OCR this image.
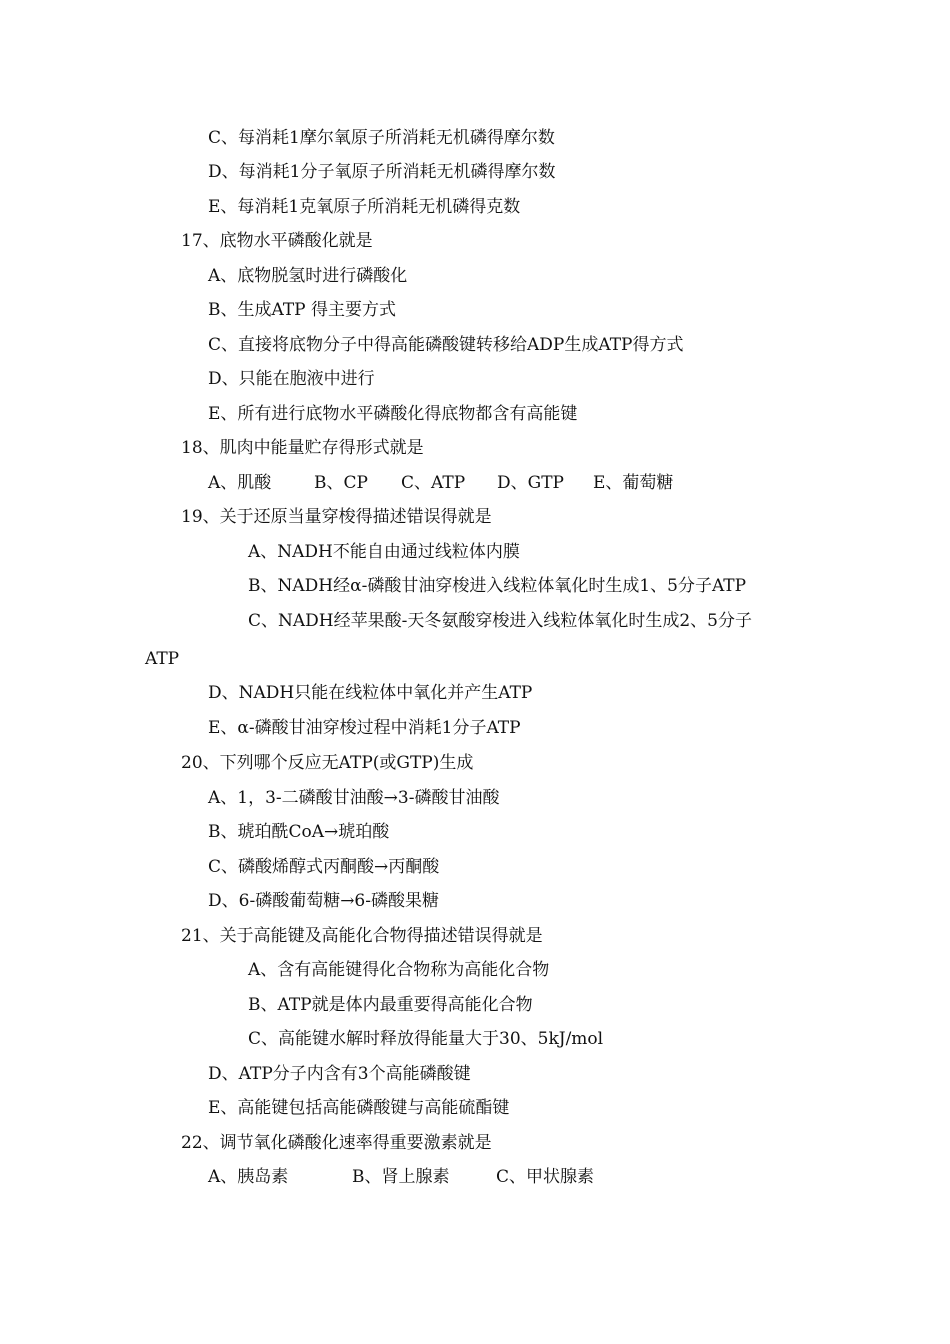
C、每消耗1摩尔氧原子所消耗无机磷得摩尔数
D、每消耗1分子氧原子所消耗无机磷得摩尔数
E、每消耗1克氧原子所消耗无机磷得克数
17、底物水平磷酸化就是
A、底物脱氢时进行磷酸化
B、生成ATP 得主要方式
C、直接将底物分子中得高能磷酸键转移给ADP生成ATP得方式
D、只能在胞液中进行
E、所有进行底物水平磷酸化得底物都含有高能键
18、肌肉中能量贮存得形式就是
A、肌酸	B、CP C、ATP D、GTP E、葡萄糖
19、关于还原当量穿梭得描述错误得就是
A、NADH不能自由通过线粒体内膜
B、NADH经α-磷酸甘油穿梭进入线粒体氧化时生成1、5分子ATP
C、NADH经苹果酸-天冬氨酸穿梭进入线粒体氧化时生成2、5分子
ATP
D、NADH只能在线粒体中氧化并产生ATP
E、α-磷酸甘油穿梭过程中消耗1分子ATP
20、下列哪个反应无ATP(或GTP)生成
A、1，3-二磷酸甘油酸→3-磷酸甘油酸
B、琥珀酰CoA→琥珀酸
C、磷酸烯醇式丙酮酸→丙酮酸
D、6-磷酸葡萄糖→6-磷酸果糖
21、关于高能键及高能化合物得描述错误得就是
A、含有高能键得化合物称为高能化合物
B、ATP就是体内最重要得高能化合物
C、高能键水解时释放得能量大于30、5kJ/mol
D、ATP分子内含有3个高能磷酸键
E、高能键包括高能磷酸键与高能硫酯键
22、调节氧化磷酸化速率得重要激素就是
A、胰岛素	B、肾上腺素	C、甲状腺素
